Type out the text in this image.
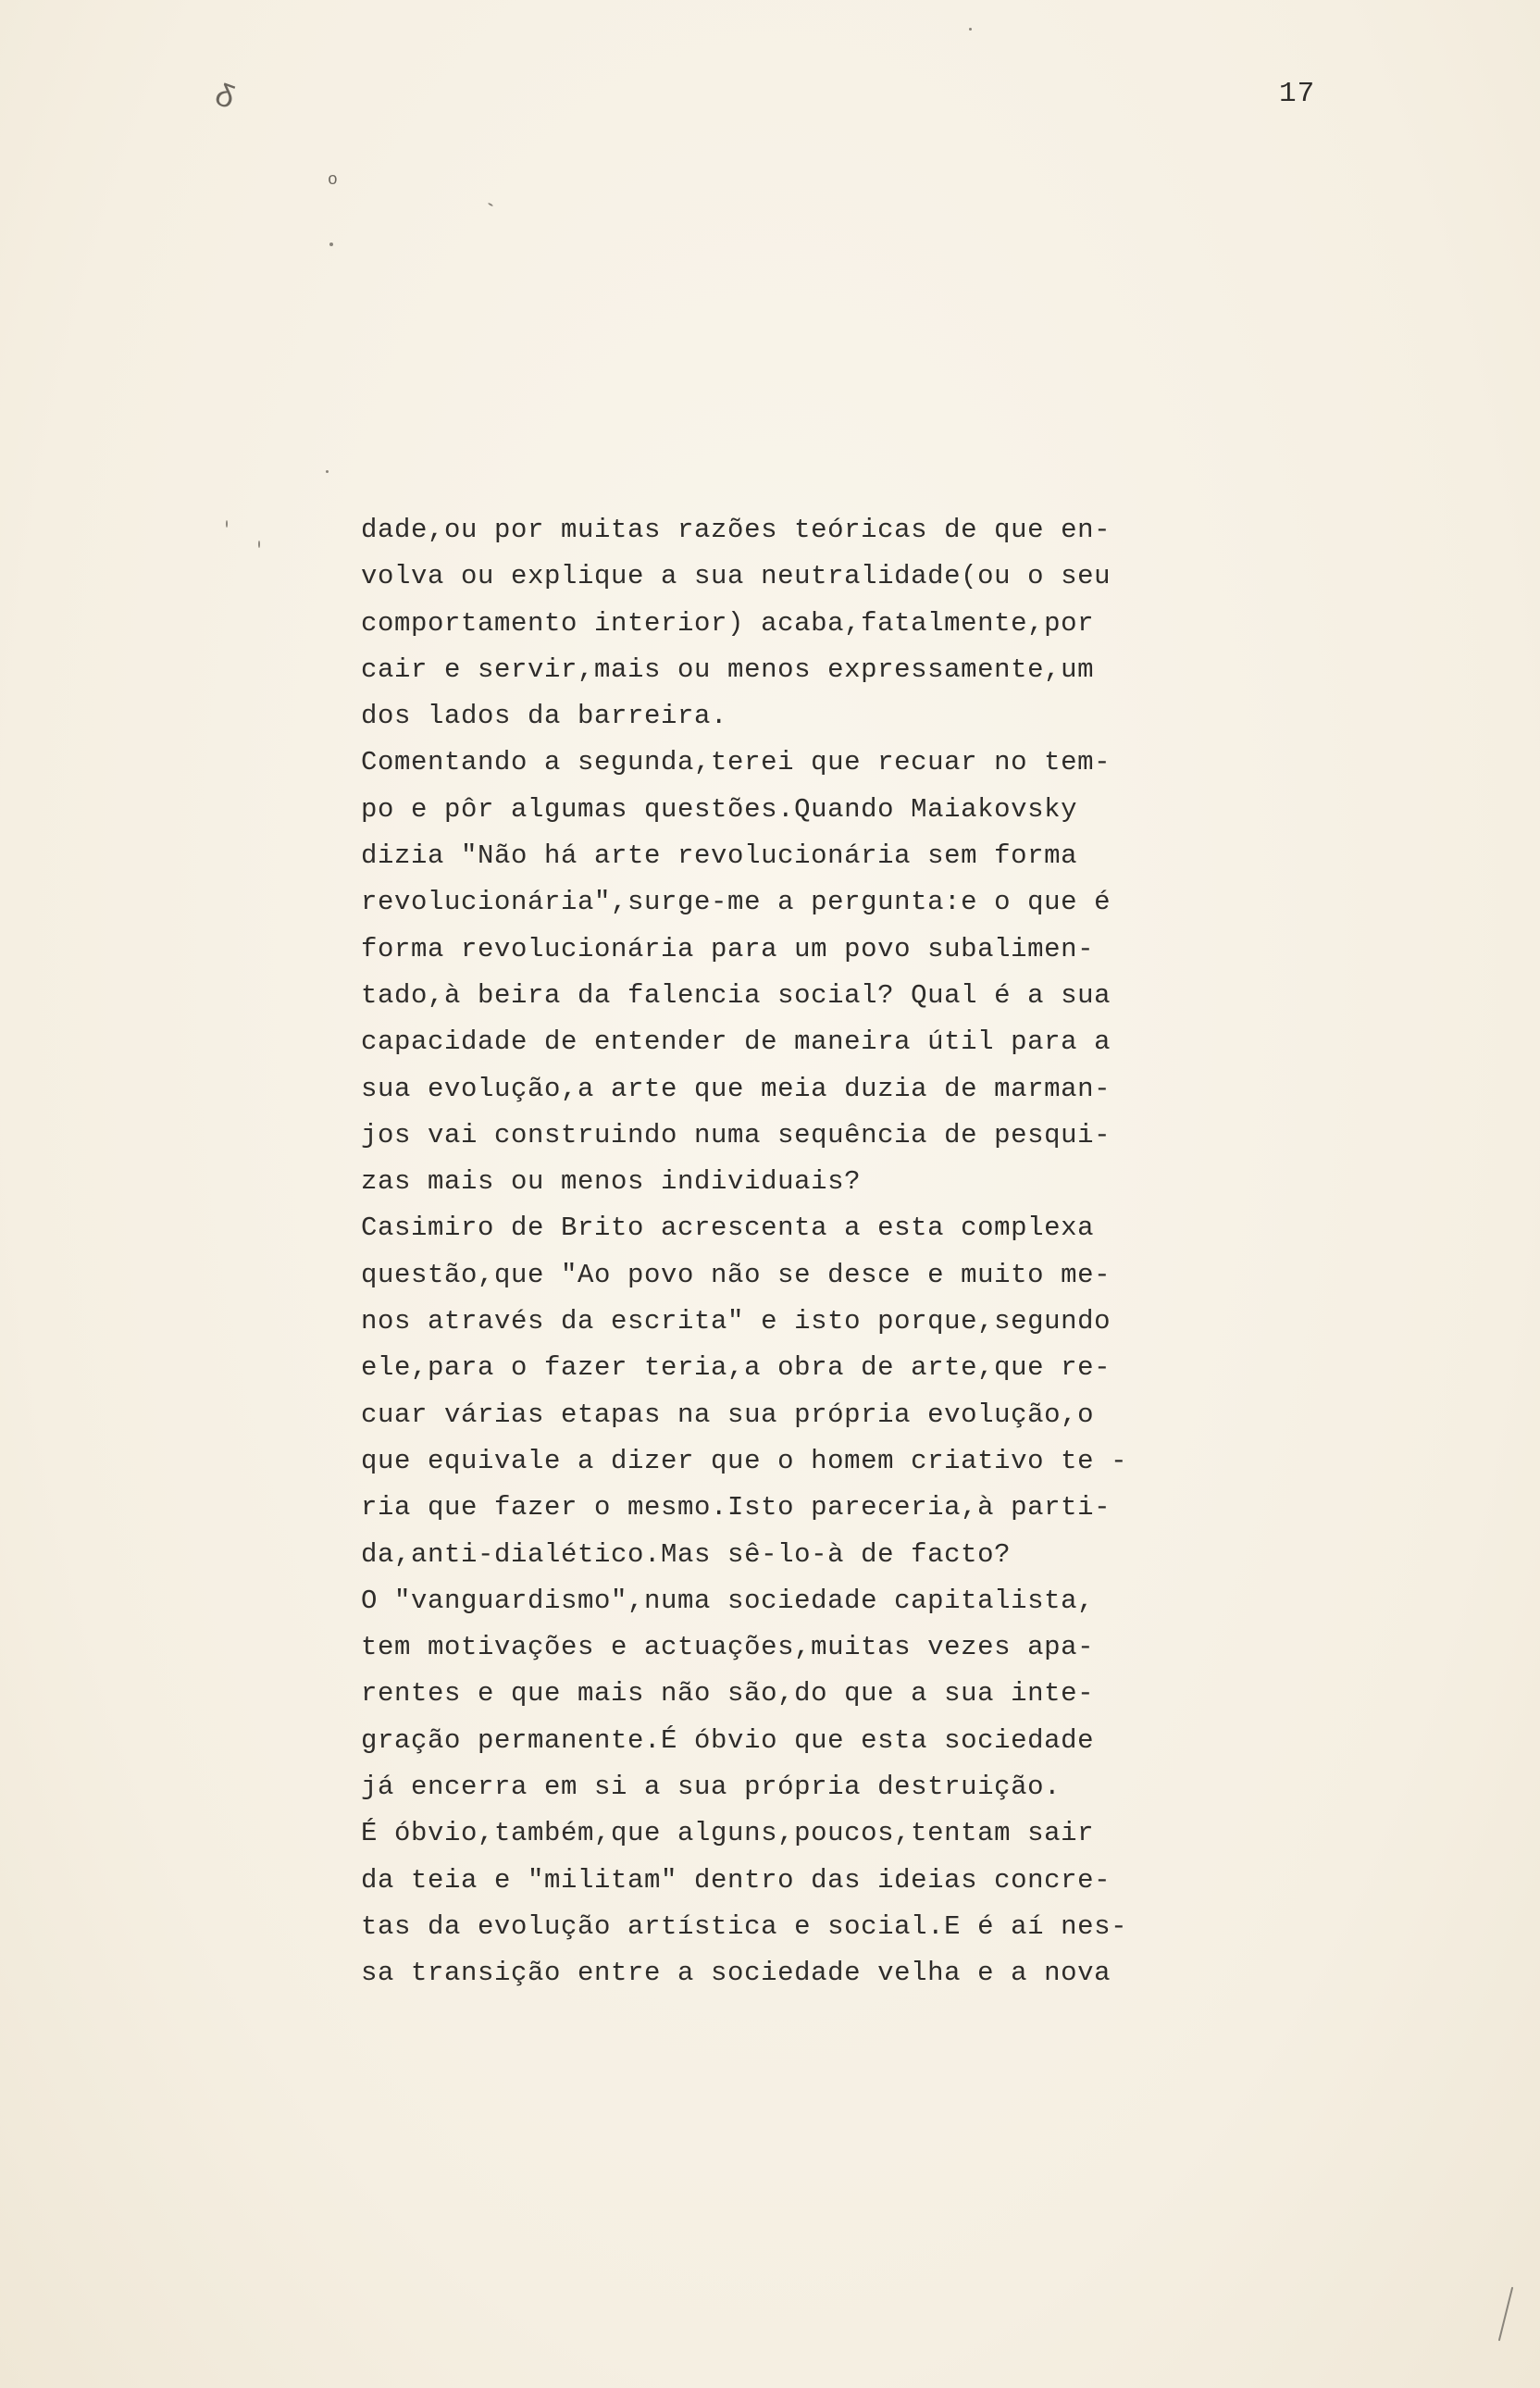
17
δ
o
dade,ou por muitas razões teóricas de que en-
volva ou explique a sua neutralidade(ou o seu
comportamento interior) acaba,fatalmente,por
cair e servir,mais ou menos expressamente,um
dos lados da barreira.
Comentando a segunda,terei que recuar no tem-
po e pôr algumas questões.Quando Maiakovsky
dizia "Não há arte revolucionária sem forma
revolucionária",surge-me a pergunta:e o que é
forma revolucionária para um povo subalimen-
tado,à beira da falencia social? Qual é a sua
capacidade de entender de maneira útil para a
sua evolução,a arte que meia duzia de marman-
jos vai construindo numa sequência de pesqui-
zas mais ou menos individuais?
Casimiro de Brito acrescenta a esta complexa
questão,que "Ao povo não se desce e muito me-
nos através da escrita" e isto porque,segundo
ele,para o fazer teria,a obra de arte,que re-
cuar várias etapas na sua própria evolução,o
que equivale a dizer que o homem criativo te -
ria que fazer o mesmo.Isto pareceria,à parti-
da,anti-dialético.Mas sê-lo-à de facto?
O "vanguardismo",numa sociedade capitalista,
tem motivações e actuações,muitas vezes apa-
rentes e que mais não são,do que a sua inte-
gração permanente.É óbvio que esta sociedade
já encerra em si a sua própria destruição.
É óbvio,também,que alguns,poucos,tentam sair
da teia e "militam" dentro das ideias concre-
tas da evolução artística e social.E é aí nes-
sa transição entre a sociedade velha e a nova
